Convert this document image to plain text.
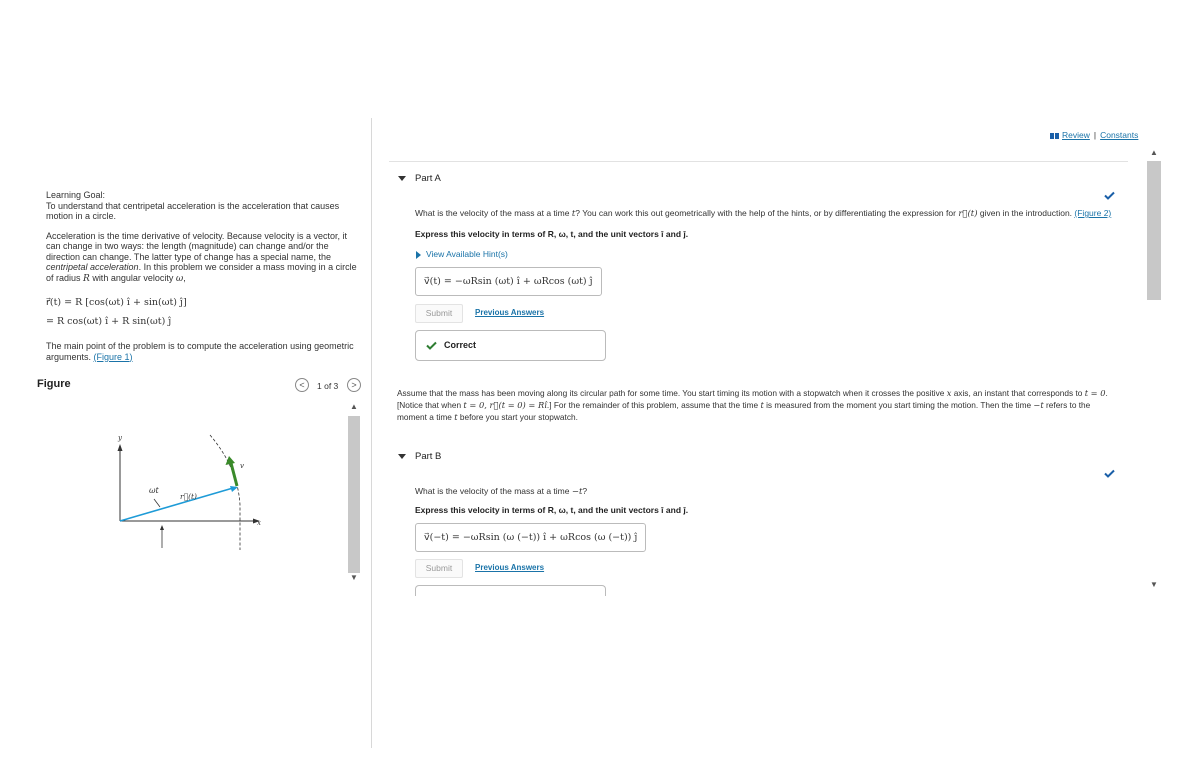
Learning Goal:
To understand that centripetal acceleration is the acceleration that causes motion in a circle.

Acceleration is the time derivative of velocity. Because velocity is a vector, it can change in two ways: the length (magnitude) can change and/or the direction can change. The latter type of change has a special name, the centripetal acceleration. In this problem we consider a mass moving in a circle of radius R with angular velocity ω,

r⃗(t) = R [cos(ωt) î + sin(ωt) ĵ]
= R cos(ωt) î + R sin(ωt) ĵ

The main point of the problem is to compute the acceleration using geometric arguments. (Figure 1)

Figure	<	1 of 3	>
y
x
v
ωt
r⃗(t)
▲
▼
Review | Constants
Part A
What is the velocity of the mass at a time t? You can work this out geometrically with the help of the hints, or by differentiating the expression for r⃗(t) given in the introduction. (Figure 2)
Express this velocity in terms of R, ω, t, and the unit vectors î and ĵ.
View Available Hint(s)
v⃗(t) = −ωRsin (ωt) î + ωRcos (ωt) ĵ
Submit	Previous Answers
Correct
Assume that the mass has been moving along its circular path for some time. You start timing its motion with a stopwatch when it crosses the positive x axis, an instant that corresponds to t = 0. [Notice that when t = 0, r⃗(t = 0) = Rî.] For the remainder of this problem, assume that the time t is measured from the moment you start timing the motion. Then the time −t refers to the moment a time t before you start your stopwatch.
Part B
What is the velocity of the mass at a time −t?
Express this velocity in terms of R, ω, t, and the unit vectors î and ĵ.
v⃗(−t) = −ωRsin (ω (−t)) î + ωRcos (ω (−t)) ĵ
Submit	Previous Answers
▲
▼
